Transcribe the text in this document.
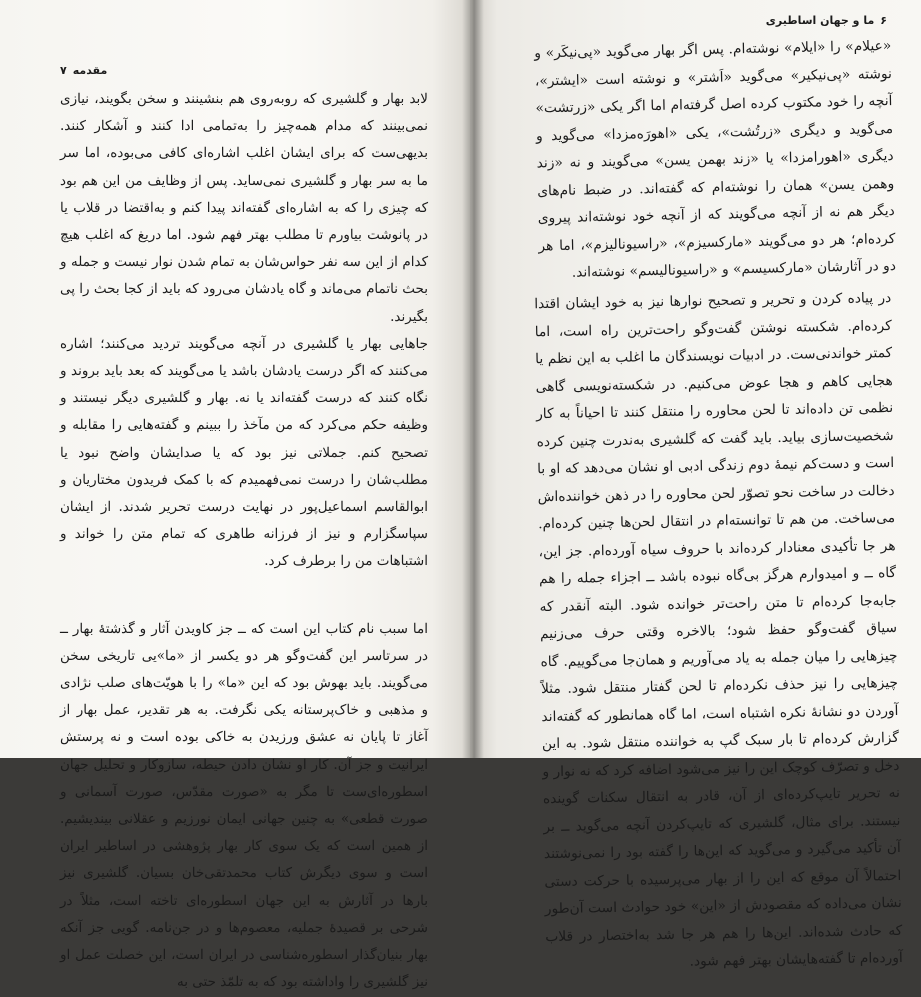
مقدمه
۷

لابد بهار و گلشیری که روبه‌روی هم بنشینند و سخن بگویند، نیازی نمی‌بینند که مدام همه‌چیز را به‌تمامی ادا کنند و آشکار کنند. بدیهی‌ست که برای ایشان اغلب اشاره‌ای کافی می‌بوده، اما سر ما به سر بهار و گلشیری نمی‌ساید. پس از وظایف من این هم بود که چیزی را که به اشاره‌ای گفته‌اند پیدا کنم و به‌اقتضا در قلاب یا در پانوشت بیاورم تا مطلب بهتر فهم شود. اما دریغ که اغلب هیچ کدام از این سه نفر حواس‌شان به تمام شدن نوار نیست و جمله و بحث ناتمام می‌ماند و گاه یادشان می‌رود که باید از کجا بحث را پی بگیرند.

جاهایی بهار یا گلشیری در آنچه می‌گویند تردید می‌کنند؛ اشاره می‌کنند که اگر درست یادشان باشد یا می‌گویند که بعد باید بروند و نگاه کنند که درست گفته‌اند یا نه. بهار و گلشیری دیگر نیستند و وظیفه حکم می‌کرد که من مآخذ را ببینم و گفته‌هایی را مقابله و تصحیح کنم. جملاتی نیز بود که یا صدایشان واضح نبود یا مطلب‌شان را درست نمی‌فهمیدم که با کمک فریدون مختاریان و ابوالقاسم اسماعیل‌پور در نهایت درست تحریر شدند. از ایشان سپاسگزارم و نیز از فرزانه طاهری که تمام متن را خواند و اشتباهات من را برطرف کرد.

اما سبب نام کتاب این است که ــ جز کاویدن آثار و گذشتهٔ بهار ــ در سرتاسر این گفت‌وگو هر دو یکسر از «ما»یی تاریخی سخن می‌گویند. باید بهوش بود که این «ما» را با هویّت‌های صلب نژادی و مذهبی و خاک‌پرستانه یکی نگرفت. به هر تقدیر، عمل بهار از آغاز تا پایان نه عشق ورزیدن به خاکی بوده است و نه پرستش ایرانیت و جز آن. کار او نشان دادن حیطه، سازوکار و تحلیل جهان اسطوره‌ای‌ست تا مگر به «صورت مقدّس، صورت آسمانی و صورت قطعی» به چنین جهانی ایمان نورزیم و عقلانی بیندیشیم. از همین است که یک سوی کار بهار پژوهشی در اساطیر ایران است و سوی دیگرش کتاب محمدتقی‌خان بسیان. گلشیری نیز بارها در آثارش به این جهان اسطوره‌ای تاخته است، مثلاً در شرحی بر قصیدهٔ جملیه، معصوم‌ها و در جن‌نامه. گویی جز آنکه بهار بنیان‌گذار اسطوره‌شناسی در ایران است، این خصلت عمل او نیز گلشیری را واداشته بود که به تلمّذ حتی به

۶
ما و جهان اساطیری

«عیلام» را «ایلام» نوشته‌ام. پس اگر بهار می‌گوید «پی‌نیکَر» و نوشته «پی‌نیکیر» می‌گوید «اَشتر» و نوشته است «ایشتر»، آنچه را خود مکتوب کرده اصل گرفته‌ام اما اگر یکی «زرتشت» می‌گوید و دیگری «زرتُشت»، یکی «اهورَه‌مزدا» می‌گوید و دیگری «اهورامزدا» یا «زند بهمن یسن» می‌گویند و نه «زند وهمن یسن» همان را نوشته‌ام که گفته‌اند. در ضبط نام‌های دیگر هم نه از آنچه می‌گویند که از آنچه خود نوشته‌اند پیروی کرده‌ام؛ هر دو می‌گویند «مارکسیزم»، «راسیونالیزم»، اما هر دو در آثارشان «مارکسیسم» و «راسیونالیسم» نوشته‌اند.

در پیاده کردن و تحریر و تصحیح نوارها نیز به خود ایشان اقتدا کرده‌ام. شکسته نوشتن گفت‌وگو راحت‌ترین راه است، اما کمتر خواندنی‌ست. در ادبیات نویسندگان ما اغلب به این نظم یا هجایی کاهم و هجا عوض می‌کنیم. در شکسته‌نویسی گاهی نظمی تن داده‌اند تا لحن محاوره را منتقل کنند تا احیاناً به کار شخصیت‌سازی بیاید. باید گفت که گلشیری به‌ندرت چنین کرده است و دست‌کم نیمهٔ دوم زندگی ادبی او نشان می‌دهد که او با دخالت در ساخت نحو تصوّر لحن محاوره را در ذهن خواننده‌اش می‌ساخت. من هم تا توانسته‌ام در انتقال لحن‌ها چنین کرده‌ام. هر جا تأکیدی معنادار کرده‌اند با حروف سیاه آورده‌ام. جز این، گاه ــ و امیدوارم هرگز بی‌گاه نبوده باشد ــ اجزاء جمله را هم جابه‌جا کرده‌ام تا متن راحت‌تر خوانده شود. البته آنقدر که سیاق گفت‌وگو حفظ شود؛ بالاخره وقتی حرف می‌زنیم چیزهایی را میان جمله به یاد می‌آوریم و همان‌جا می‌گوییم. گاه چیزهایی را نیز حذف نکرده‌ام تا لحن گفتار منتقل شود. مثلاً آوردن دو نشانهٔ نکره اشتباه است، اما گاه همانطور که گفته‌اند گزارش کرده‌ام تا بار سبک گپ به خواننده منتقل شود. به این دخل و تصرّف کوچک این را نیز می‌شود اضافه کرد که نه نوار و نه تحریر تایپ‌کرده‌ای از آن، قادر به انتقال سکنات گوینده نیستند. برای مثال، گلشیری که تایپ‌کردن آنچه می‌گوید ــ بر آن تأکید می‌گیرد و می‌گوید که این‌ها را گفته بود را نمی‌نوشتند احتمالاً آن موقع که این را از بهار می‌پرسیده با حرکت دستی نشان می‌داده که مقصودش از «این» خود حوادث است آن‌طور که حادث شده‌اند. این‌ها را هم هر جا شد به‌اختصار در قلاب آورده‌ام تا گفته‌هایشان بهتر فهم شود.
